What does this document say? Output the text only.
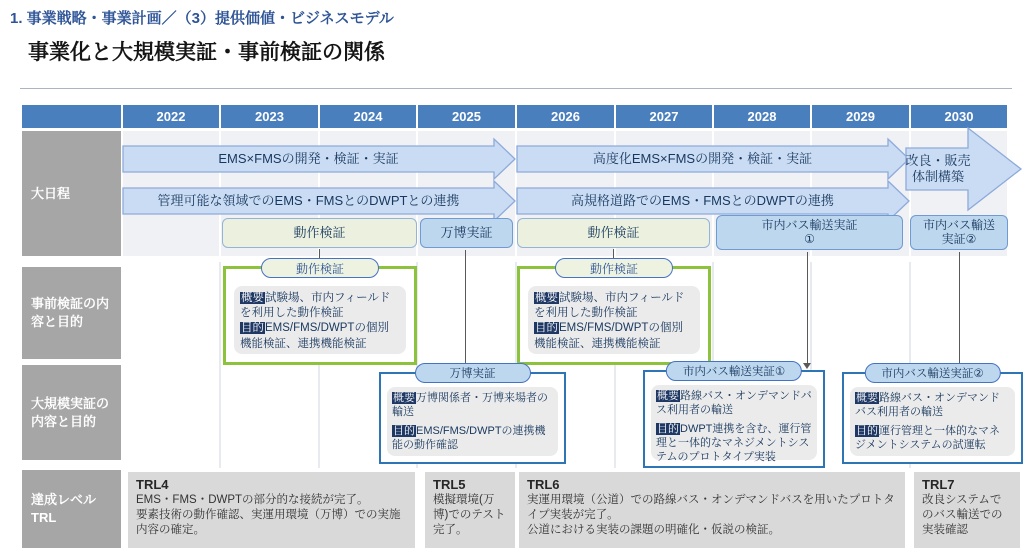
1. 事業戦略・事業計画／（3）提供価値・ビジネスモデル
事業化と大規模実証・事前検証の関係
2022	2023	2024	2025	2026	2027	2028	2029	2030
大日程
事前検証の内容と目的
大規模実証の内容と目的
達成レベル
TRL
EMS×FMSの開発・検証・実証	高度化EMS×FMSの開発・検証・実証
管理可能な領域でのEMS・FMSとのDWPTとの連携	高規格道路でのEMS・FMSとのDWPTの連携
改良・販売
体制構築
動作検証	万博実証	動作検証	市内バス輸送実証
①
市内バス輸送
実証②
動作検証

概要試験場、市内フィールドを利用した動作検証

目的EMS/FMS/DWPTの個別機能検証、連携機能検証

動作検証

概要試験場、市内フィールドを利用した動作検証

目的EMS/FMS/DWPTの個別機能検証、連携機能検証

万博実証

概要万博関係者・万博来場者の輸送

目的EMS/FMS/DWPTの連携機能の動作確認

市内バス輸送実証①

概要路線バス・オンデマンドバス利用者の輸送

目的DWPT連携を含む、運行管理と一体的なマネジメントシステムのプロトタイプ実装

市内バス輸送実証②

概要路線バス・オンデマンドバス利用者の輸送

目的運行管理と一体的なマネジメントシステムの試運転

TRL4
EMS・FMS・DWPTの部分的な接続が完了。
要素技術の動作確認、実運用環境（万博）での実施内容の確定。
TRL5
模擬環境(万博)でのテスト完了。
TRL6
実運用環境（公道）での路線バス・オンデマンドバスを用いたプロトタイプ実装が完了。
公道における実装の課題の明確化・仮説の検証。
TRL7
改良システムでのバス輸送での実装確認
